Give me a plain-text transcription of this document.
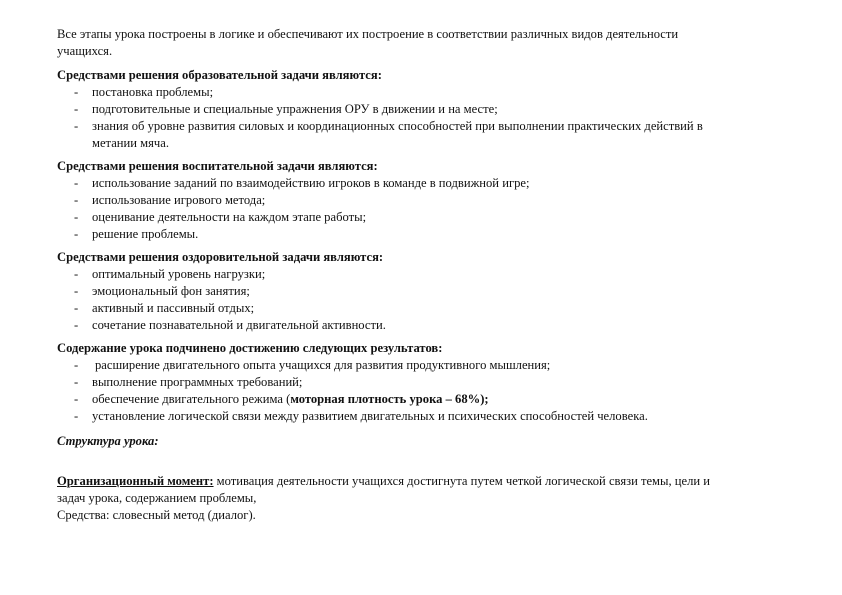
Все этапы урока построены в логике и обеспечивают их построение в соответствии различных видов деятельности

учащихся.

Средствами решения образовательной задачи являются:

- постановка проблемы;
- подготовительные и специальные упражнения ОРУ в движении и на месте;
- знания об уровне развития силовых и координационных способностей при выполнении практических действий в
метании мяча.

Средствами решения воспитательной задачи являются:

- использование заданий по взаимодействию игроков в команде в подвижной игре;
- использование игрового метода;
- оценивание деятельности на каждом этапе работы;
- решение проблемы.

Средствами решения оздоровительной задачи являются:

- оптимальный уровень нагрузки;
- эмоциональный фон занятия;
- активный и пассивный отдых;
- сочетание познавательной и двигательной активности.

Содержание урока подчинено достижению следующих результатов:

- расширение двигательного опыта учащихся для развития продуктивного мышления;
- выполнение программных требований;
- обеспечение двигательного режима (моторная плотность урока – 68%);
- установление логической связи между развитием двигательных и психических способностей человека.

Структура урока:

Организационный момент: мотивация деятельности учащихся достигнута путем четкой логической связи темы, цели и

задач урока, содержанием проблемы,

Средства: словесный метод (диалог).
